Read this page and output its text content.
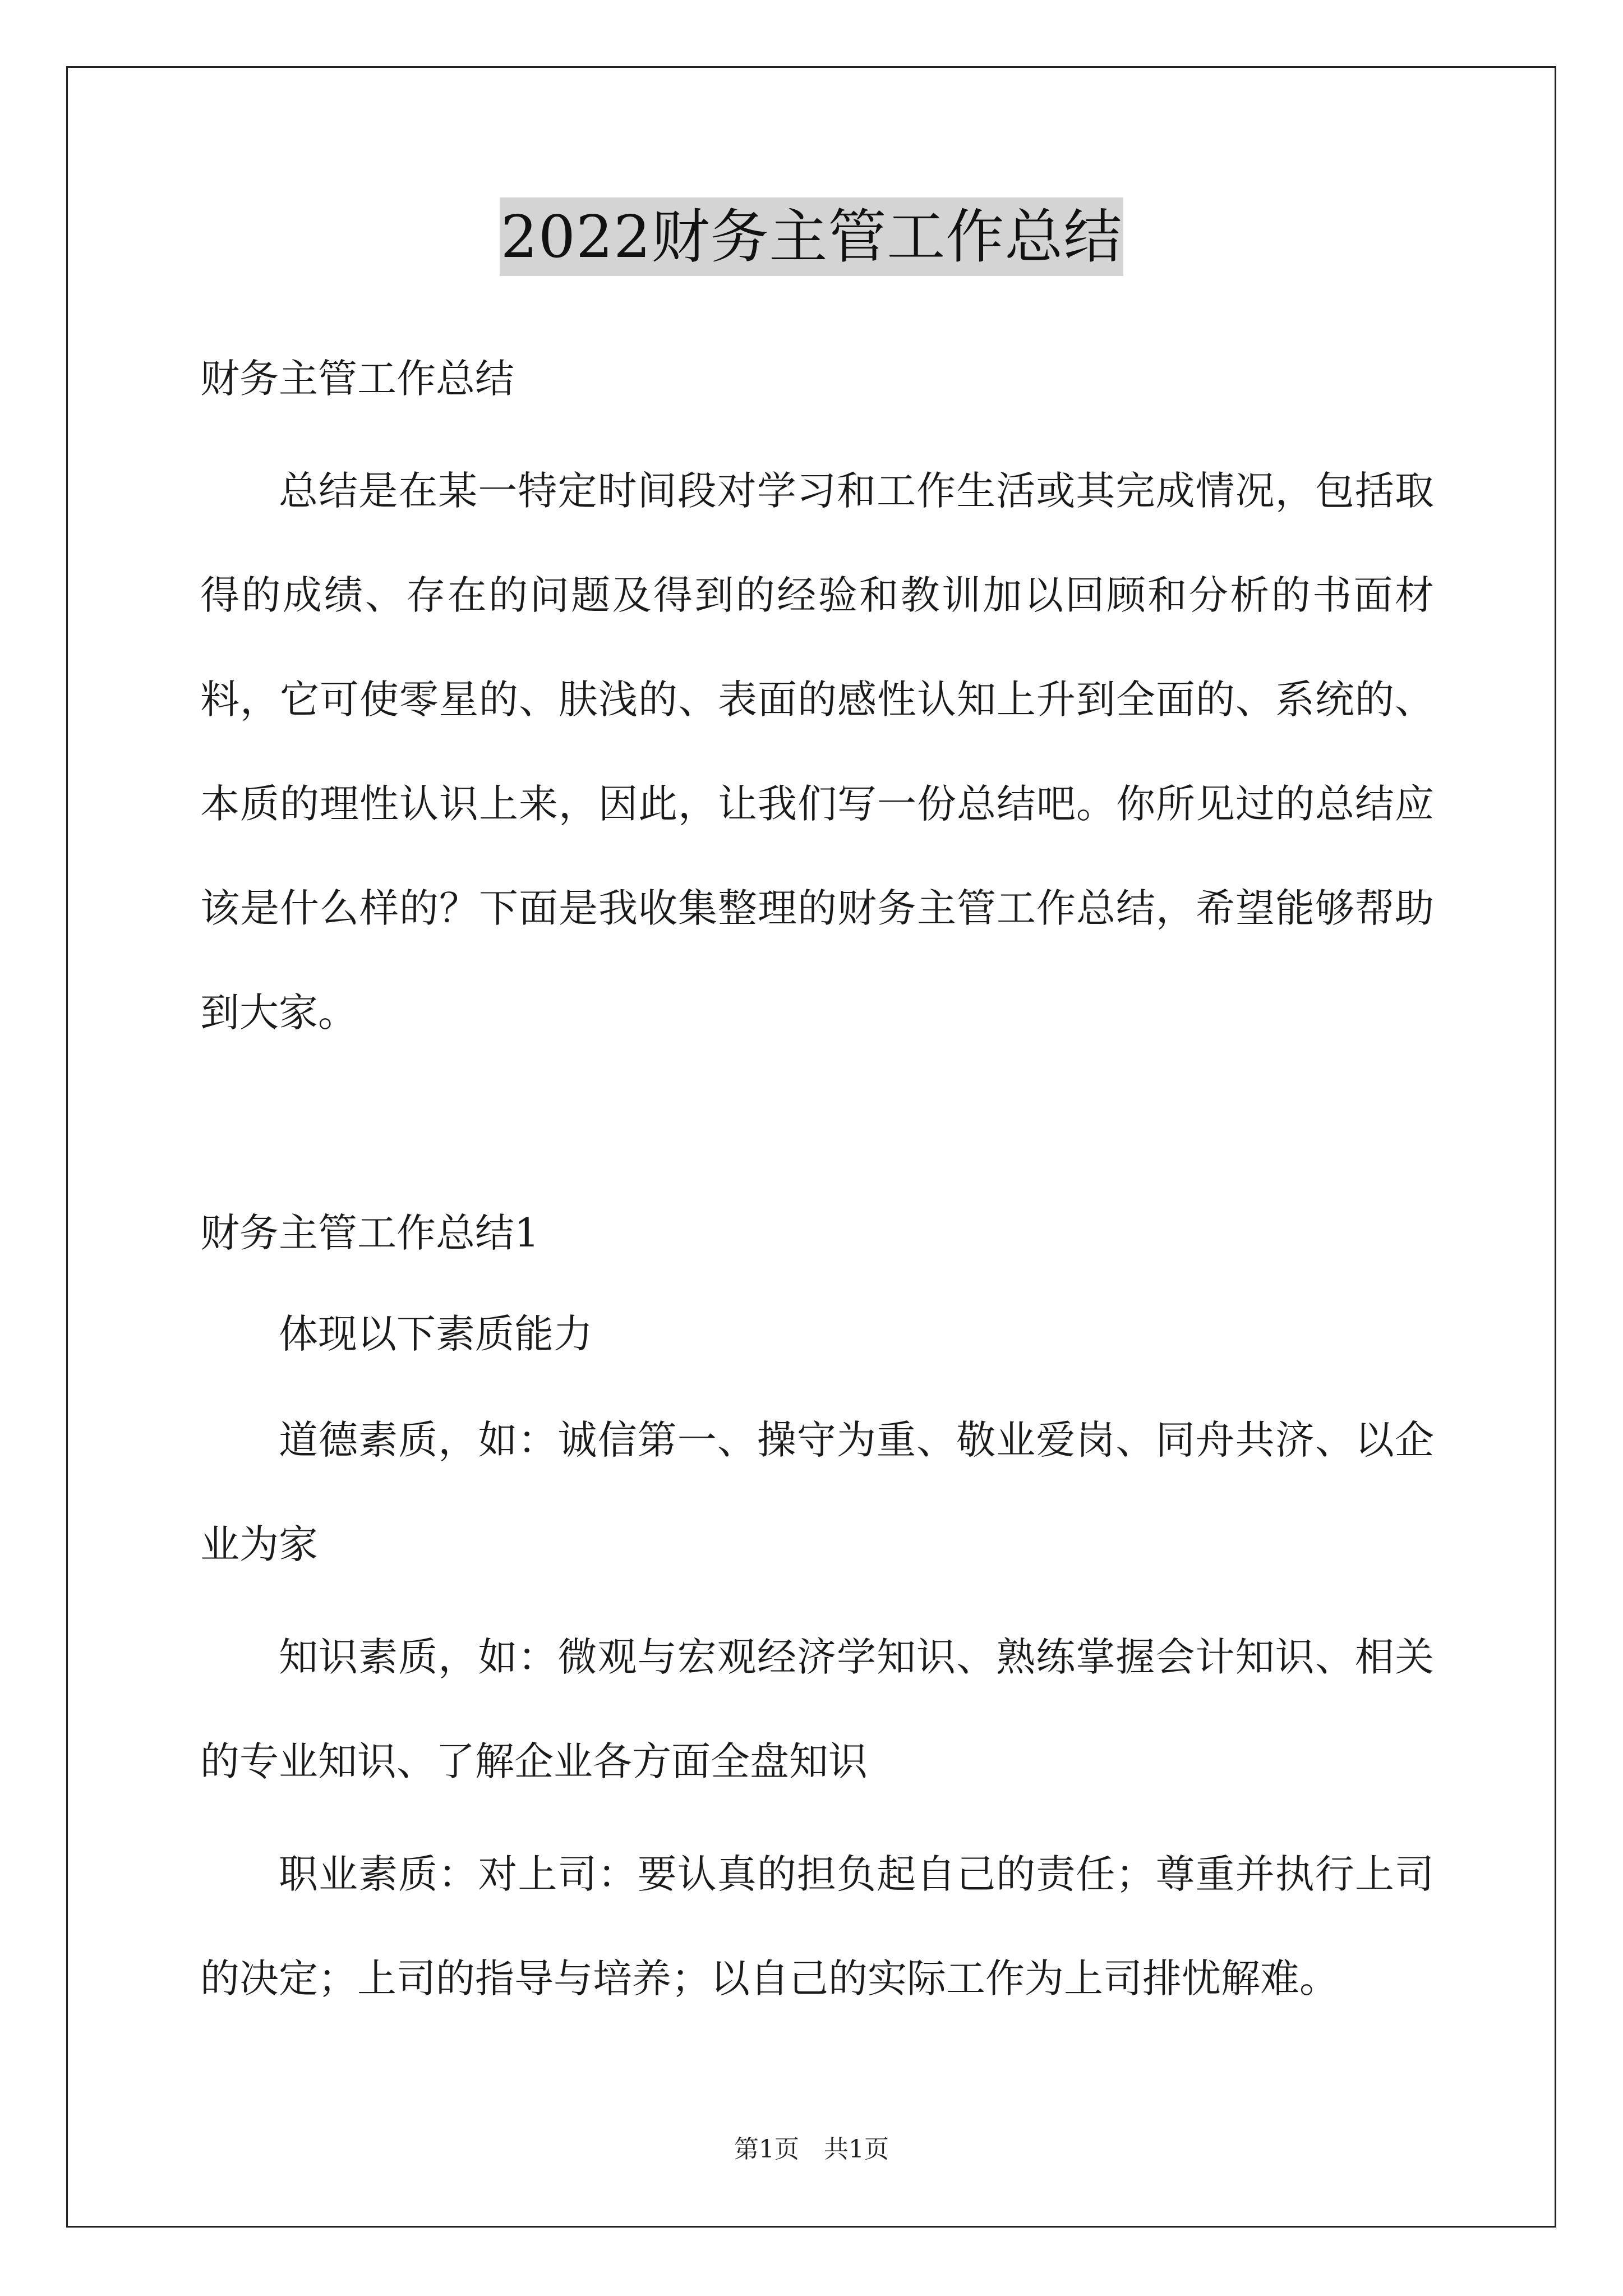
2022财务主管工作总结
财务主管工作总结
总结是在某一特定时间段对学习和工作生活或其完成情况，包括取得的成绩、存在的问题及得到的经验和教训加以回顾和分析的书面材料，它可使零星的、肤浅的、表面的感性认知上升到全面的、系统的、本质的理性认识上来，因此，让我们写一份总结吧。你所见过的总结应该是什么样的？下面是我收集整理的财务主管工作总结，希望能够帮助到大家。
财务主管工作总结1
体现以下素质能力
道德素质，如：诚信第一、操守为重、敬业爱岗、同舟共济、以企业为家
知识素质，如：微观与宏观经济学知识、熟练掌握会计知识、相关的专业知识、了解企业各方面全盘知识
职业素质：对上司：要认真的担负起自己的责任；尊重并执行上司的决定；上司的指导与培养；以自己的实际工作为上司排忧解难。
第1页　共1页
